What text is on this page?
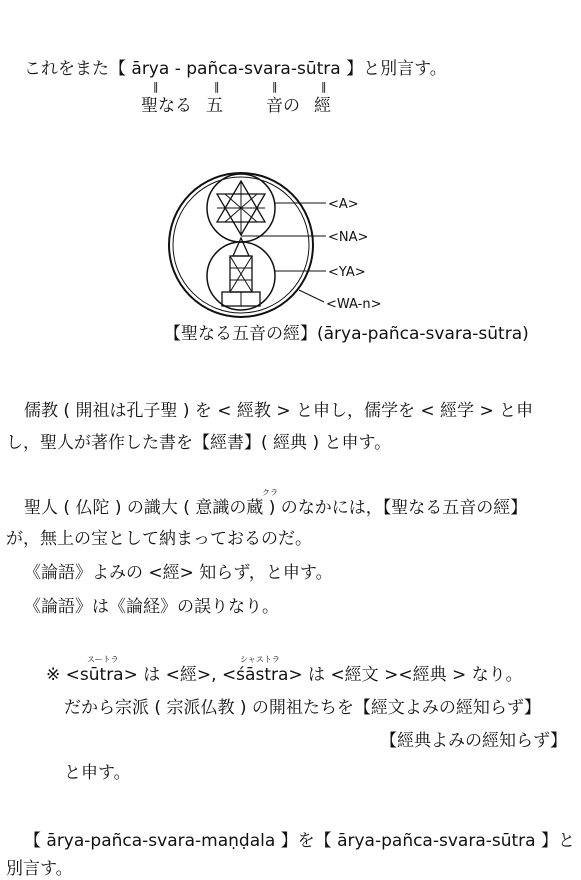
これをまた【 ārya - pañca-svara-sūtra 】と別言す。
‖	‖	‖	‖
聖なる 五	音の 經
<A>
<NA>
<YA>
<WA-n>
【聖なる五音の經】(ārya-pañca-svara-sūtra)
儒教 ( 開祖は孔子聖 ) を < 經教 > と申し，儒学を < 經学 > と申
し，聖人が著作した書を【經書】( 經典 ) と申す。
クラ
聖人 ( 仏陀 ) の識大 ( 意識の蔵 ) のなかには，【聖なる五音の經】
が，無上の宝として納まっておるのだ。
《論語》よみの <經> 知らず，と申す。
《論語》は《論経》の誤りなり。
スートラ	シャストラ
※ <sūtra> は <經>, <śāstra> は <經文 ><經典 > なり。
だから宗派 ( 宗派仏教 ) の開祖たちを【經文よみの經知らず】
【經典よみの經知らず】
と申す。
【 ārya-pañca-svara-maṇḍala 】を【 ārya-pañca-svara-sūtra 】と
別言す。
